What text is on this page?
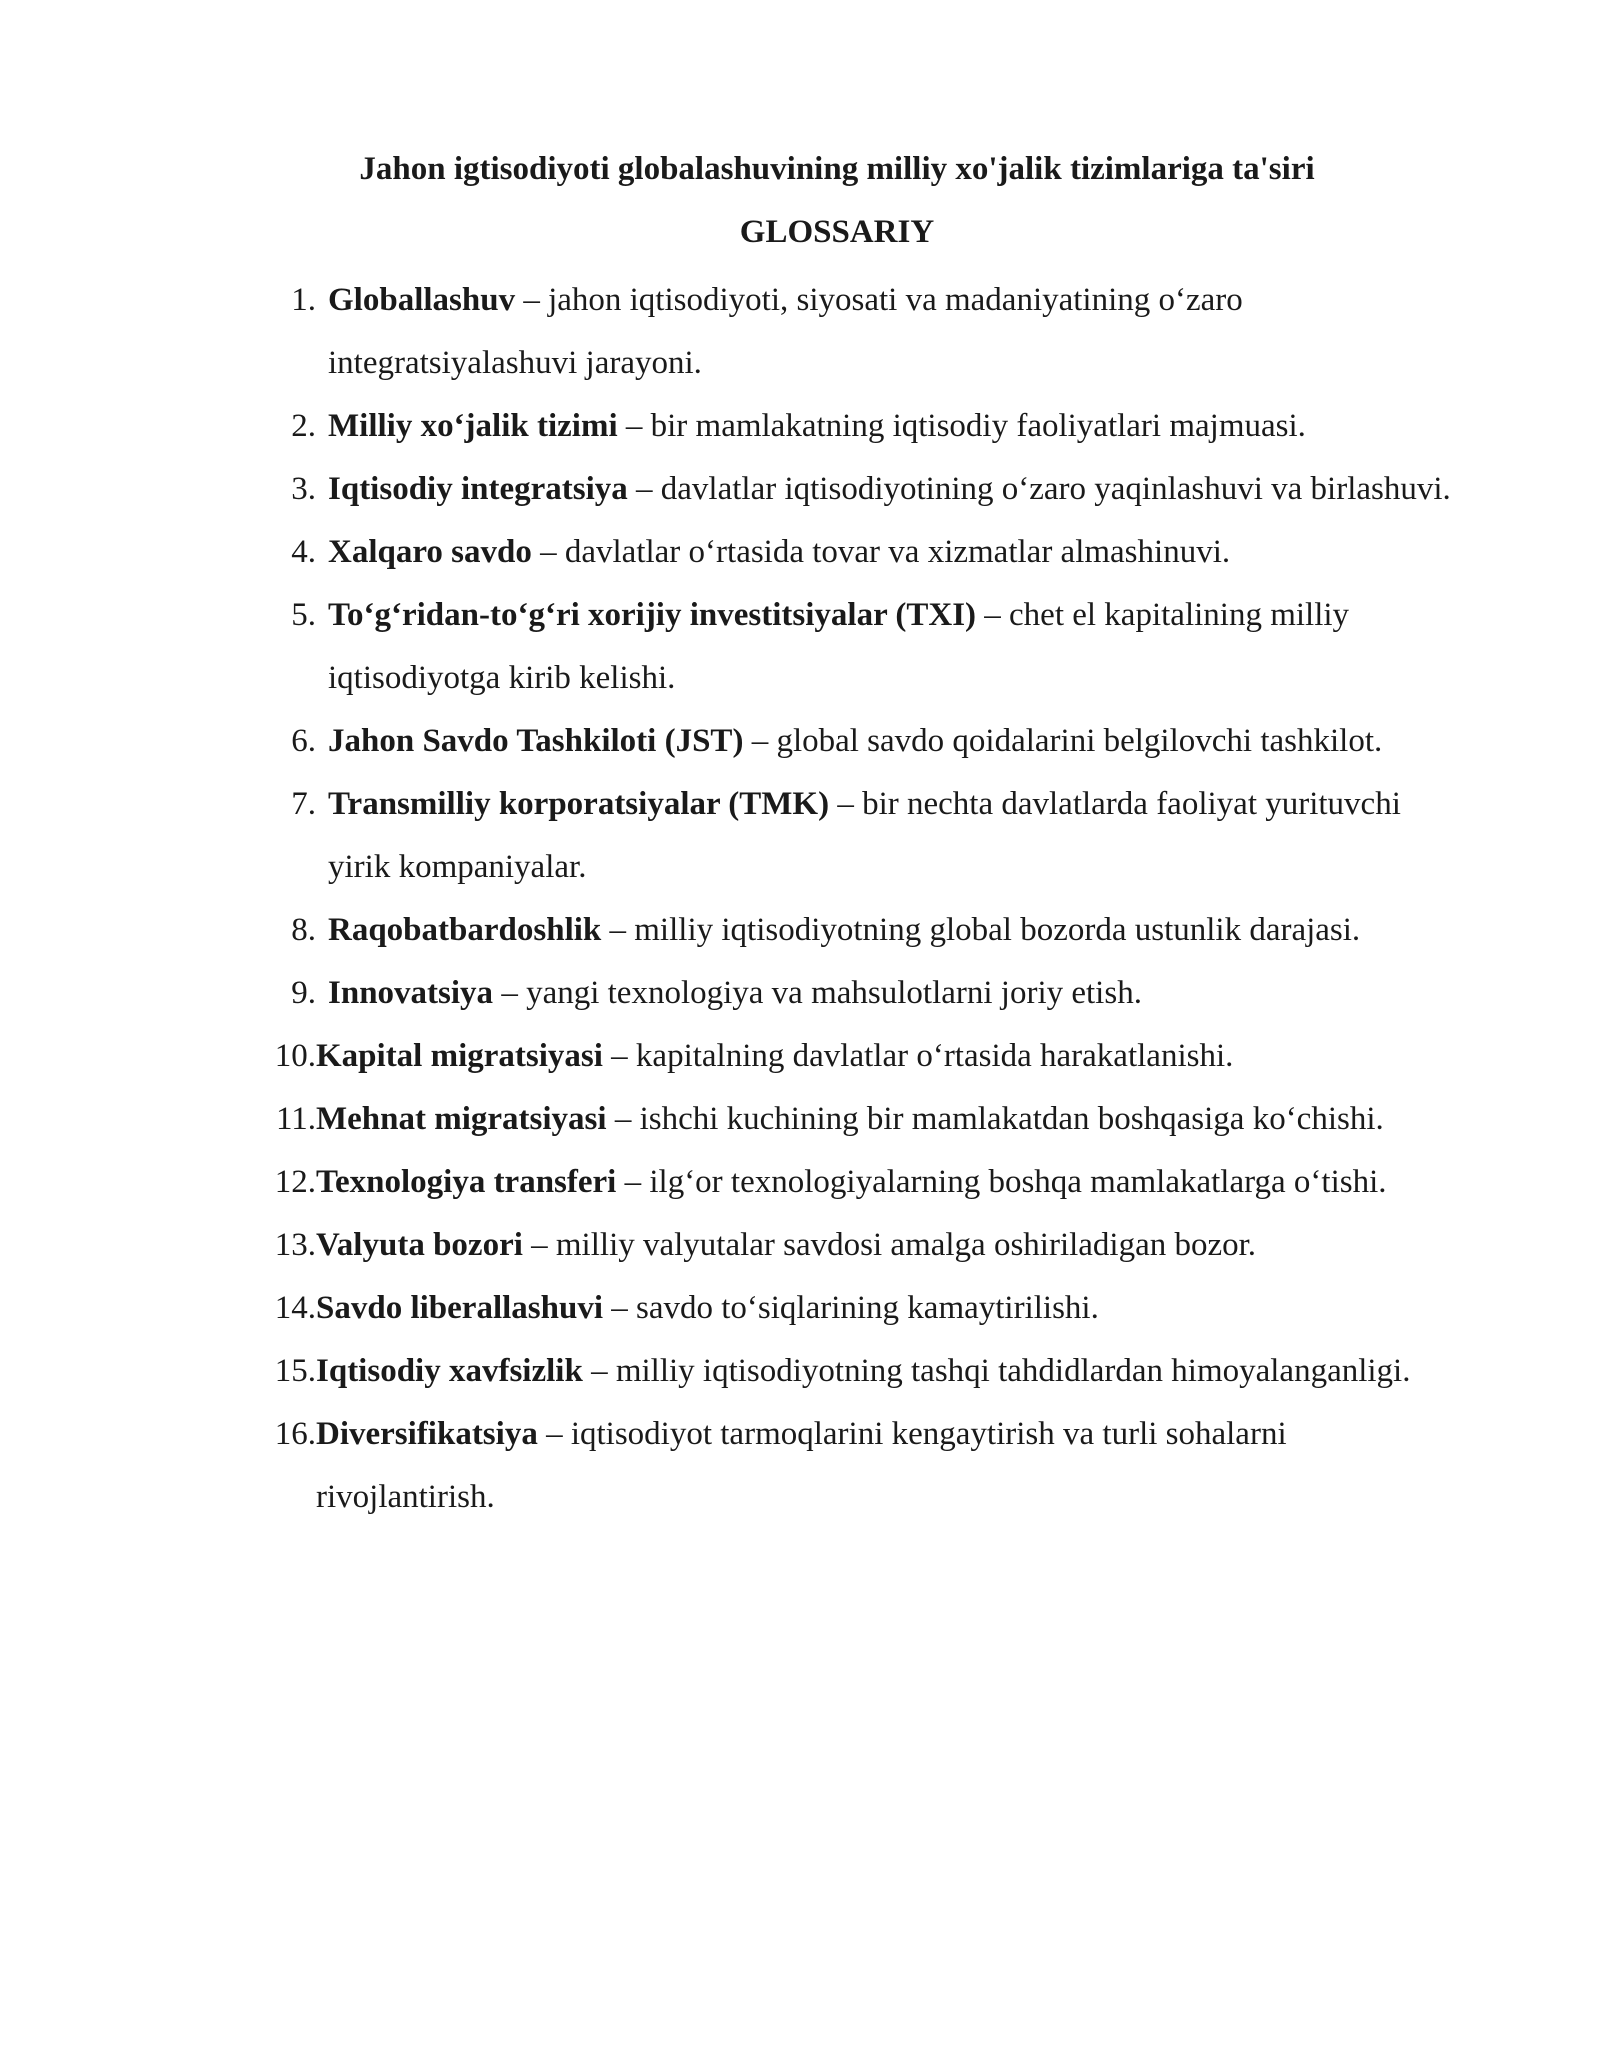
Jahon igtisodiyoti globalashuvining milliy xo'jalik tizimlariga ta'siri
GLOSSARIY
1. Globallashuv – jahon iqtisodiyoti, siyosati va madaniyatining o‘zaro integratsiyalashuvi jarayoni.
2. Milliy xo‘jalik tizimi – bir mamlakatning iqtisodiy faoliyatlari majmuasi.
3. Iqtisodiy integratsiya – davlatlar iqtisodiyotining o‘zaro yaqinlashuvi va birlashuvi.
4. Xalqaro savdo – davlatlar o‘rtasida tovar va xizmatlar almashinuvi.
5. To‘g‘ridan-to‘g‘ri xorijiy investitsiyalar (TXI) – chet el kapitalining milliy iqtisodiyotga kirib kelishi.
6. Jahon Savdo Tashkiloti (JST) – global savdo qoidalarini belgilovchi tashkilot.
7. Transmilliy korporatsiyalar (TMK) – bir nechta davlatlarda faoliyat yurituvchi yirik kompaniyalar.
8. Raqobatbardoshlik – milliy iqtisodiyotning global bozorda ustunlik darajasi.
9. Innovatsiya – yangi texnologiya va mahsulotlarni joriy etish.
10. Kapital migratsiyasi – kapitalning davlatlar o‘rtasida harakatlanishi.
11. Mehnat migratsiyasi – ishchi kuchining bir mamlakatdan boshqasiga ko‘chishi.
12. Texnologiya transferi – ilg‘or texnologiyalarning boshqa mamlakatlarga o‘tishi.
13. Valyuta bozori – milliy valyutalar savdosi amalga oshiriladigan bozor.
14. Savdo liberallashuvi – savdo to‘siqlarining kamaytirilishi.
15. Iqtisodiy xavfsizlik – milliy iqtisodiyotning tashqi tahdidlardan himoyalanganligi.
16. Diversifikatsiya – iqtisodiyot tarmoqlarini kengaytirish va turli sohalarni rivojlantirish.
